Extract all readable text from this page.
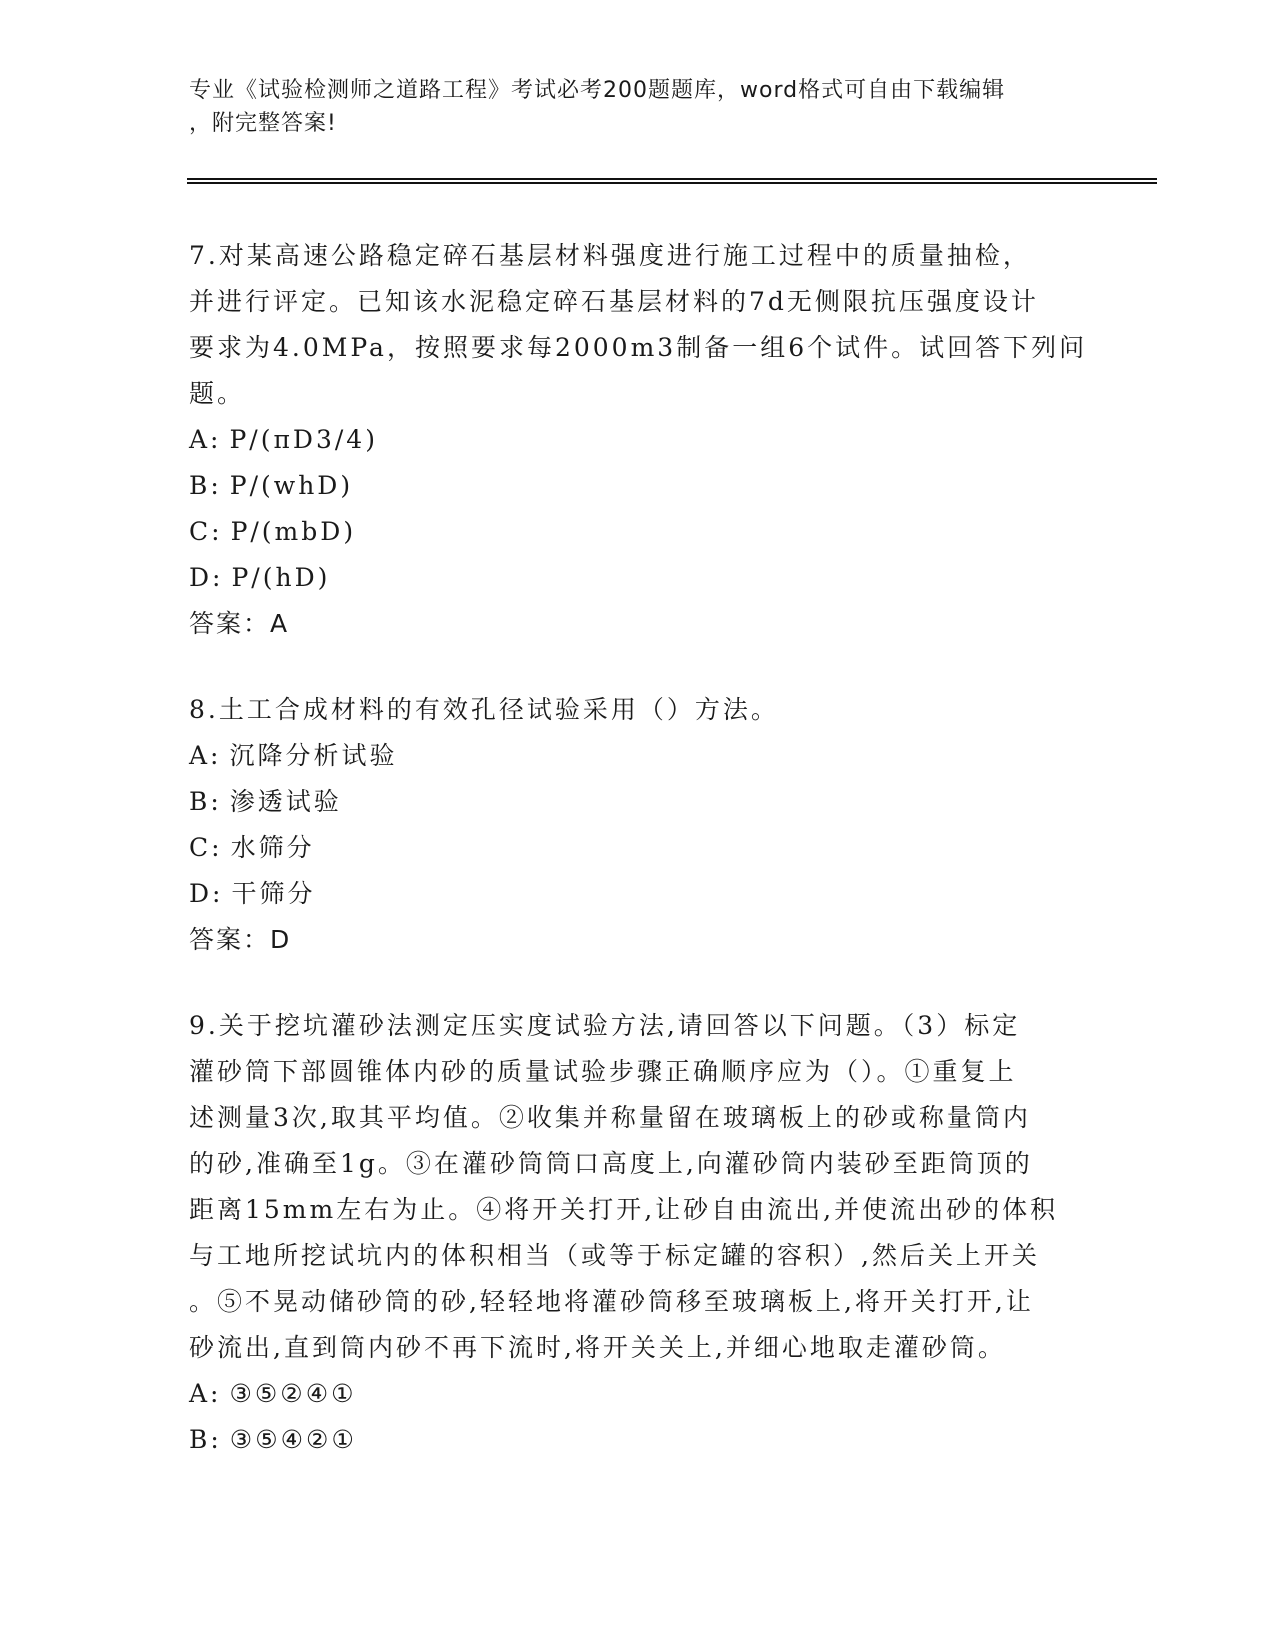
专业《试验检测师之道路工程》考试必考200题题库，word格式可自由下载编辑
，附完整答案!
7.对某高速公路稳定碎石基层材料强度进行施工过程中的质量抽检，
并进行评定。已知该水泥稳定碎石基层材料的7d无侧限抗压强度设计
要求为4.0MPa，按照要求每2000m3制备一组6个试件。试回答下列问
题。
A: P/(πD3/4)
B: P/(whD)
C: P/(mbD)
D: P/(hD)
答案：A
8.土工合成材料的有效孔径试验采用（）方法。
A: 沉降分析试验
B: 渗透试验
C: 水筛分
D: 干筛分
答案：D
9.关于挖坑灌砂法测定压实度试验方法,请回答以下问题。（3）标定
灌砂筒下部圆锥体内砂的质量试验步骤正确顺序应为（）。①重复上
述测量3次,取其平均值。②收集并称量留在玻璃板上的砂或称量筒内
的砂,准确至1g。③在灌砂筒筒口高度上,向灌砂筒内装砂至距筒顶的
距离15mm左右为止。④将开关打开,让砂自由流出,并使流出砂的体积
与工地所挖试坑内的体积相当（或等于标定罐的容积）,然后关上开关
。⑤不晃动储砂筒的砂,轻轻地将灌砂筒移至玻璃板上,将开关打开,让
砂流出,直到筒内砂不再下流时,将开关关上,并细心地取走灌砂筒。
A: ③⑤②④①
B: ③⑤④②①
